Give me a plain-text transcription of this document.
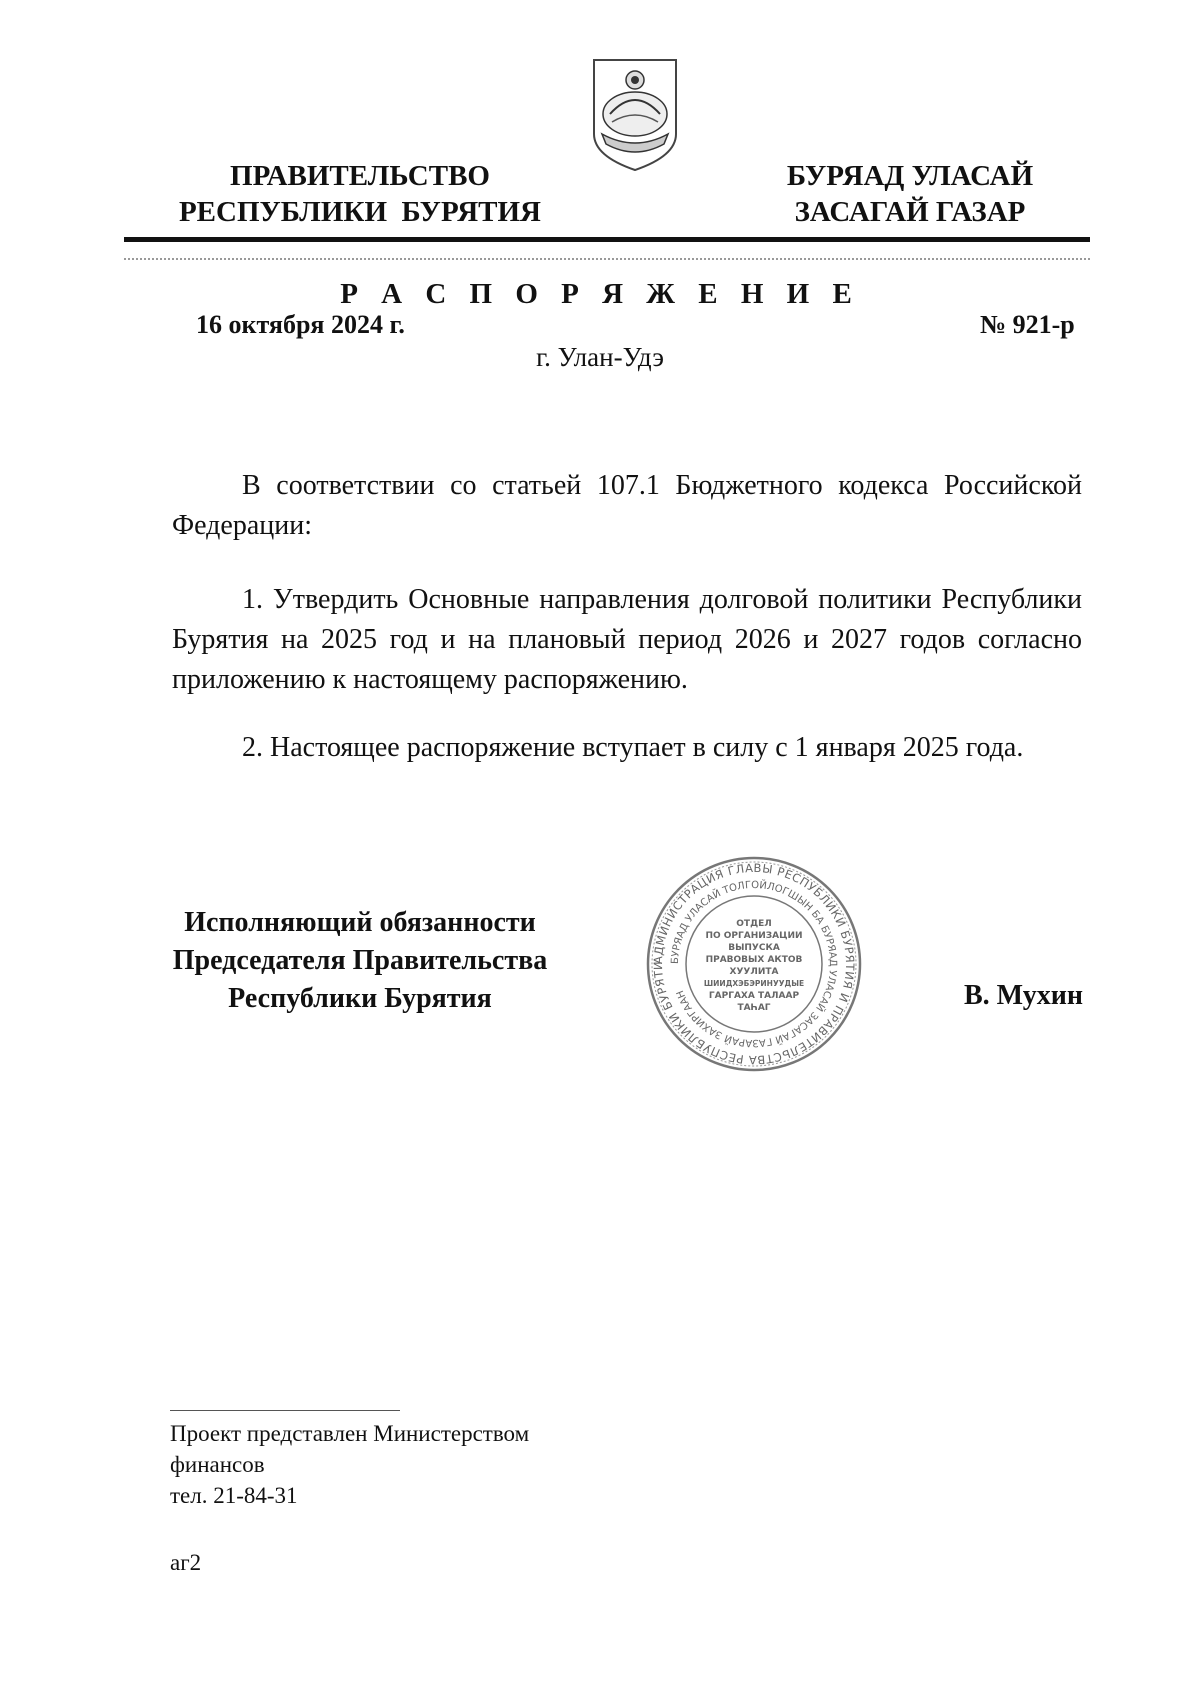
ПРАВИТЕЛЬСТВО
РЕСПУБЛИКИ  БУРЯТИЯ
БУРЯАД УЛАСАЙ
ЗАСАГАЙ ГАЗАР
Р А С П О Р Я Ж Е Н И Е
16 октября 2024 г.	№ 921-р
г. Улан-Удэ
В соответствии со статьей 107.1 Бюджетного кодекса Российской Федерации:
1. Утвердить Основные направления долговой политики Республики Бурятия на 2025 год и на плановый период 2026 и 2027 годов согласно приложению к настоящему распоряжению.
2. Настоящее распоряжение вступает в силу с 1 января 2025 года.
Исполняющий обязанности
Председателя Правительства
Республики Бурятия	В. Мухин
АДМИНИСТРАЦИЯ ГЛАВЫ РЕСПУБЛИКИ БУРЯТИЯ И ПРАВИТЕЛЬСТВА РЕСПУБЛИКИ БУРЯТИ
БУРЯАД УЛАСАЙ ТОЛГОЙЛОГШЫН БА БУРЯАД УЛАСАЙ ЗАСАГАЙ ГАЗАРАЙ ЗАХИРГААН
ОТДЕЛ
ПО ОРГАНИЗАЦИИ
ВЫПУСКА
ПРАВОВЫХ АКТОВ
ХУУЛИТА
ШИИДХЭБЭРИНУУДЫЕ
ГАРГАХА ТАЛААР
ТАҺАГ
Проект представлен Министерством
финансов
тел. 21-84-31
аг2
